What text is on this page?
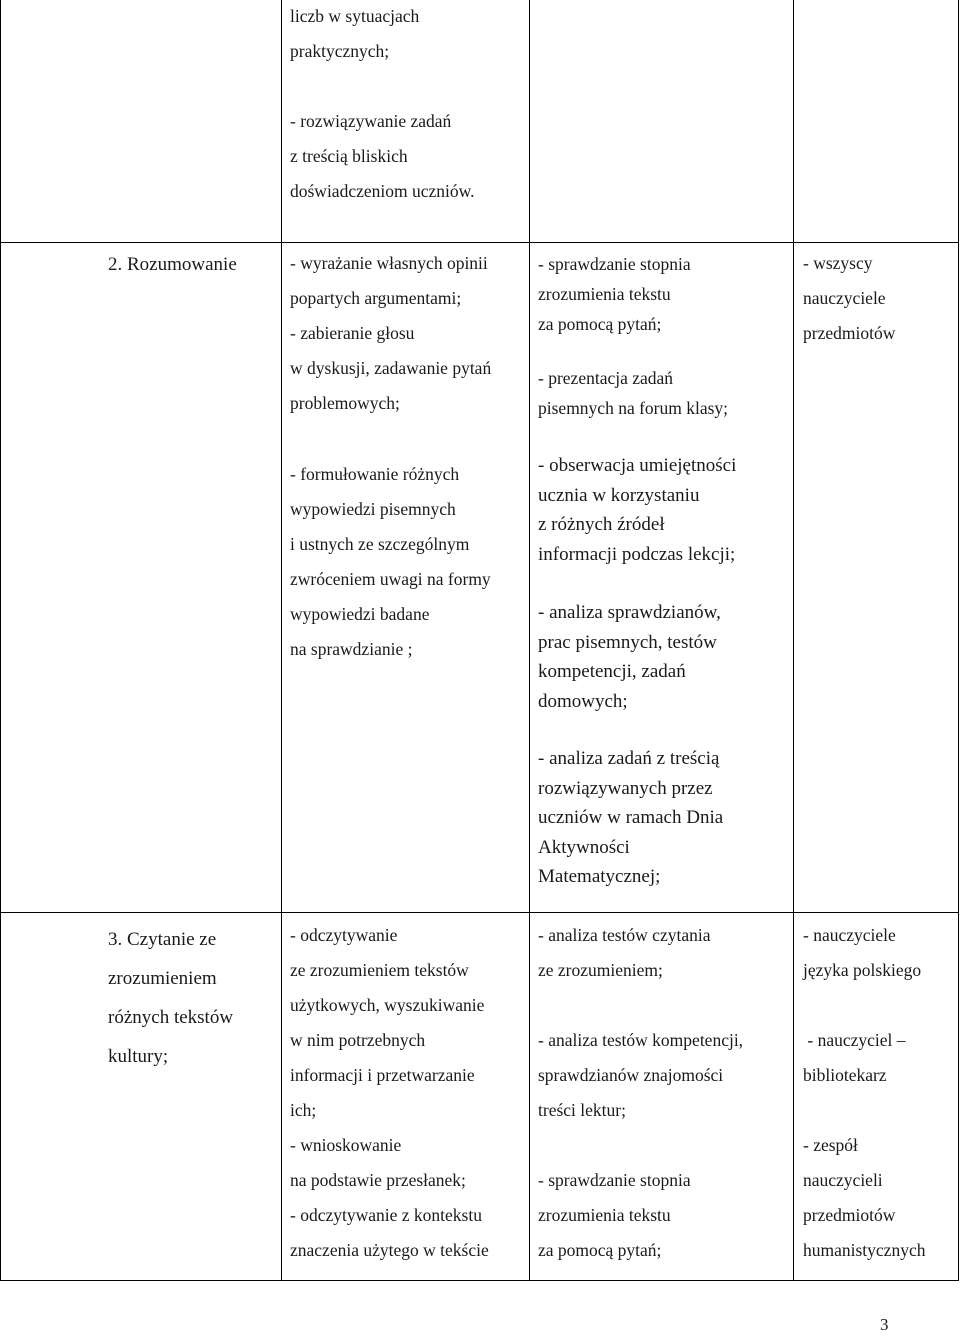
liczb w sytuacjach
praktycznych;

- rozwiązywanie zadań
z treścią bliskich
doświadczeniom uczniów.
2. Rozumowanie	- wyrażanie własnych opinii
popartych argumentami;
- zabieranie głosu
w dyskusji, zadawanie pytań
problemowych;
- formułowanie różnych
wypowiedzi pisemnych
i ustnych ze szczególnym
zwróceniem uwagi na formy
wypowiedzi badane
na sprawdzianie ;
- sprawdzanie stopnia
zrozumienia tekstu
za pomocą pytań;
- prezentacja zadań
pisemnych na forum klasy;
- obserwacja umiejętności
ucznia w korzystaniu
z różnych źródeł
informacji podczas lekcji;
- analiza sprawdzianów,
prac pisemnych, testów
kompetencji, zadań
domowych;
- analiza zadań z treścią
rozwiązywanych przez
uczniów w ramach Dnia
Aktywności
Matematycznej;
- wszyscy
nauczyciele
przedmiotów
3. Czytanie ze
zrozumieniem
różnych tekstów
kultury;
- odczytywanie
ze zrozumieniem tekstów
użytkowych, wyszukiwanie
w nim potrzebnych
informacji i przetwarzanie
ich;
- wnioskowanie
na podstawie przesłanek;
- odczytywanie z kontekstu
znaczenia użytego w tekście
- analiza testów czytania
ze zrozumieniem;

- analiza testów kompetencji,
sprawdzianów znajomości
treści lektur;

- sprawdzanie stopnia
zrozumienia tekstu
za pomocą pytań;
- nauczyciele
języka polskiego

- nauczyciel –
bibliotekarz

- zespół
nauczycieli
przedmiotów
humanistycznych
3
